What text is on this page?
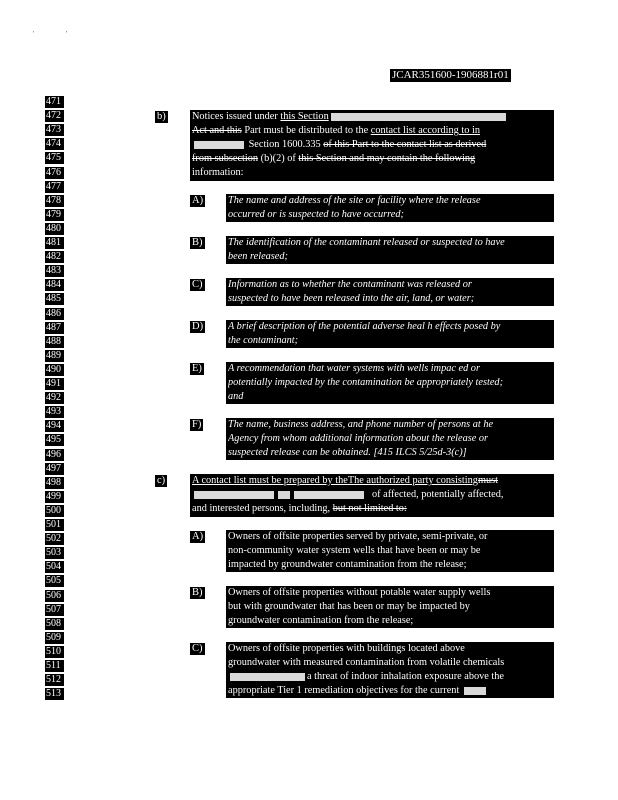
'	'
JCAR351600-1906881r01
471
472
473
474
475
476
477
478
479
480
481
482
483
484
485
486
487
488
489
490
491
492
493
494
495
496
497
498
499
500
501
502
503
504
505
506
507
508
509
510
511
512
513
b)	Notices issued under this Section
Act and this Part must be distributed to the contact list according to in
Section 1600.335 of this Part to the contact list as derived
from subsection (b)(2) of this Section and may contain the following
information:
A) The name and address of the site or facility where the release
occurred or is suspected to have occurred;
B) The identification of the contaminant released or suspected to have
been released;
C) Information as to whether the contaminant was released or
suspected to have been released into the air, land, or water;
D) A brief description of the potential adverse heal h effects posed by
the contaminant;
E)	A recommendation that water systems with wells impac ed or
potentially impacted by the contamination be appropriately tested;
and
F)	The name, business address, and phone number of persons at he
Agency from whom additional information about the release or
suspected release can be obtained. [415 ILCS 5/25d-3(c)]
c)	A contact list must be prepared by theThe authorized party consistingmust
of affected, potentially affected,
and interested persons, including, but not limited to:
A) Owners of offsite properties served by private, semi-private, or
non-community water system wells that have been or may be
impacted by groundwater contamination from the release;
B) Owners of offsite properties without potable water supply wells
but with groundwater that has been or may be impacted by
groundwater contamination from the release;
C) Owners of offsite properties with buildings located above
groundwater with measured contamination from volatile chemicals
a threat of indoor inhalation exposure above the
appropriate Tier 1 remediation objectives for the current
